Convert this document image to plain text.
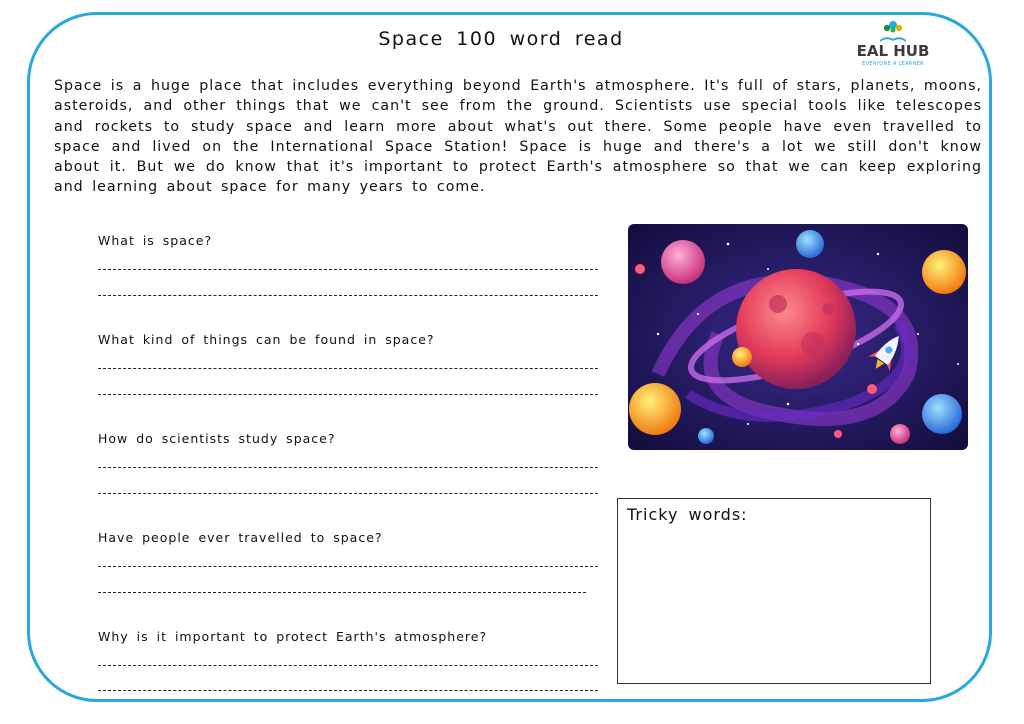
Space 100 word read
EAL HUB
EVERYONE A LEARNER
Space is a huge place that includes everything beyond Earth's atmosphere. It's full of stars, planets, moons, asteroids, and other things that we can't see from the ground. Scientists use special tools like telescopes and rockets to study space and learn more about what's out there. Some people have even travelled to space and lived on the International Space Station! Space is huge and there's a lot we still don't know about it. But we do know that it's important to protect Earth's atmosphere so that we can keep exploring and learning about space for many years to come.
What is space?
What kind of things can be found in space?
How do scientists study space?
Have people ever travelled to space?
Why is it important to protect Earth's atmosphere?
Tricky words:
